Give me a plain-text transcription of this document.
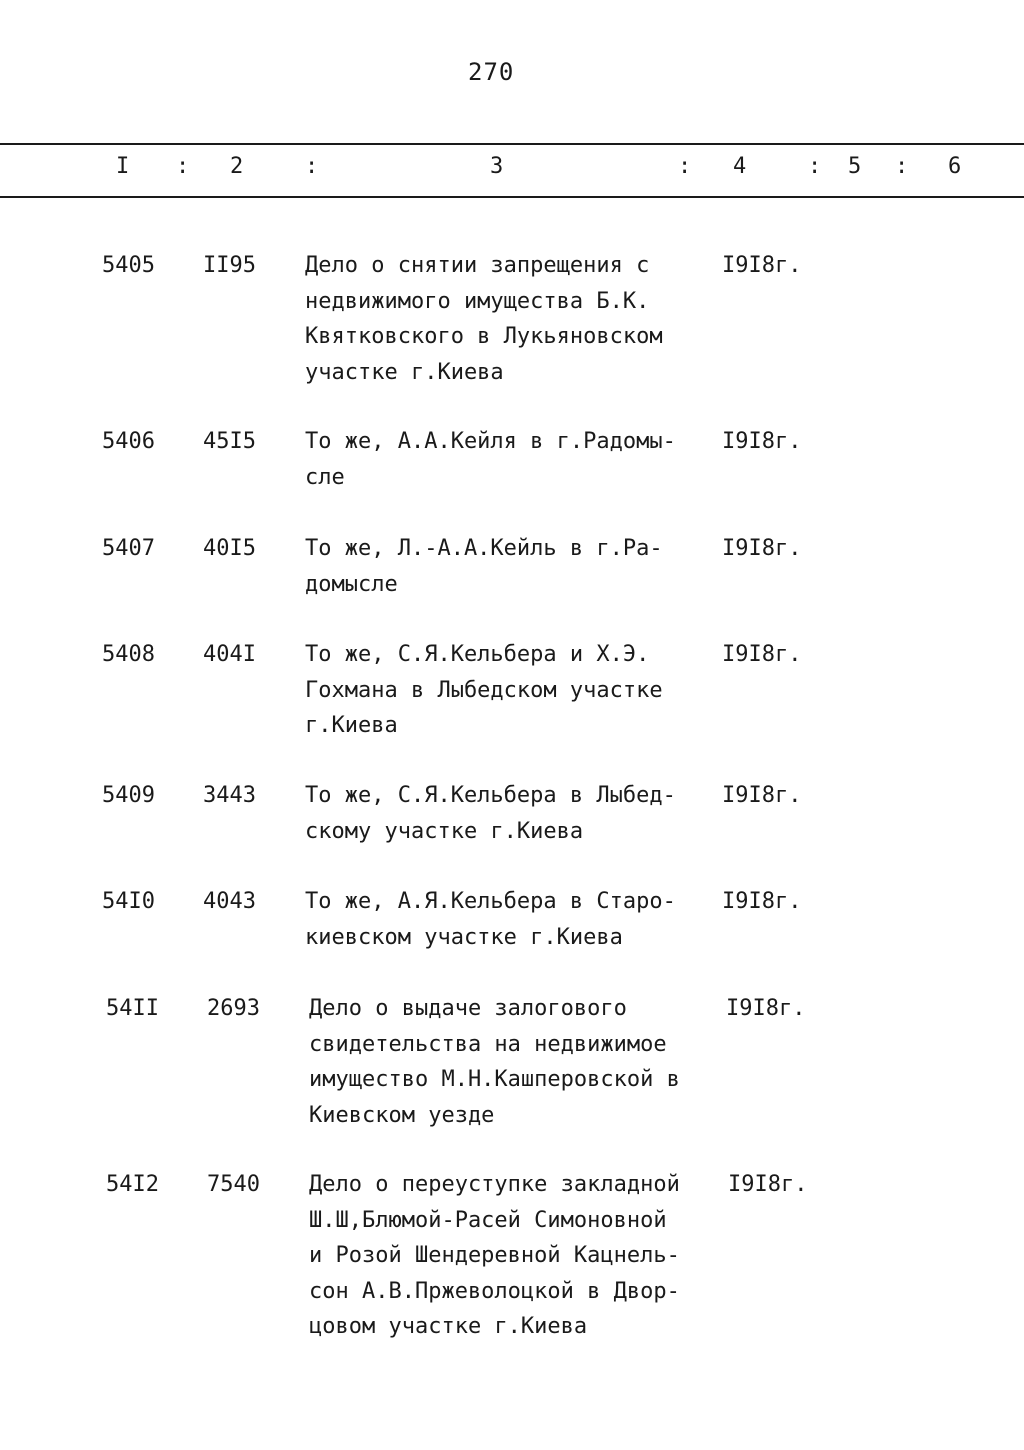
270
I : 2	:	3	: 4	: 5 : 6
5405 II95 Дело о снятии запрещения с
недвижимого имущества Б.К.
Квятковского в Лукьяновском
участке г.Киева
I9I8г.
5406 45I5 То же, А.А.Кейля в г.Радомы-
сле
I9I8г.
5407 40I5 То же, Л.-А.А.Кейль в г.Ра-
домысле
I9I8г.
5408 404I То же, С.Я.Кельбера и Х.Э.
Гохмана в Лыбедском участке
г.Киева
I9I8г.
5409 3443 То же, С.Я.Кельбера в Лыбед-
скому участке г.Киева
I9I8г.
54I0 4043 То же, А.Я.Кельбера в Старо-
киевском участке г.Киева
I9I8г.
54II 2693 Дело о выдаче залогового
свидетельства на недвижимое
имущество М.Н.Кашперовской в
Киевском уезде
I9I8г.
54I2 7540 Дело о переуступке закладной
Ш.Ш,Блюмой-Расей Симоновной
и Розой Шендеревной Кацнель-
сон А.В.Пржеволоцкой в Двор-
цовом участке г.Киева
I9I8г.
